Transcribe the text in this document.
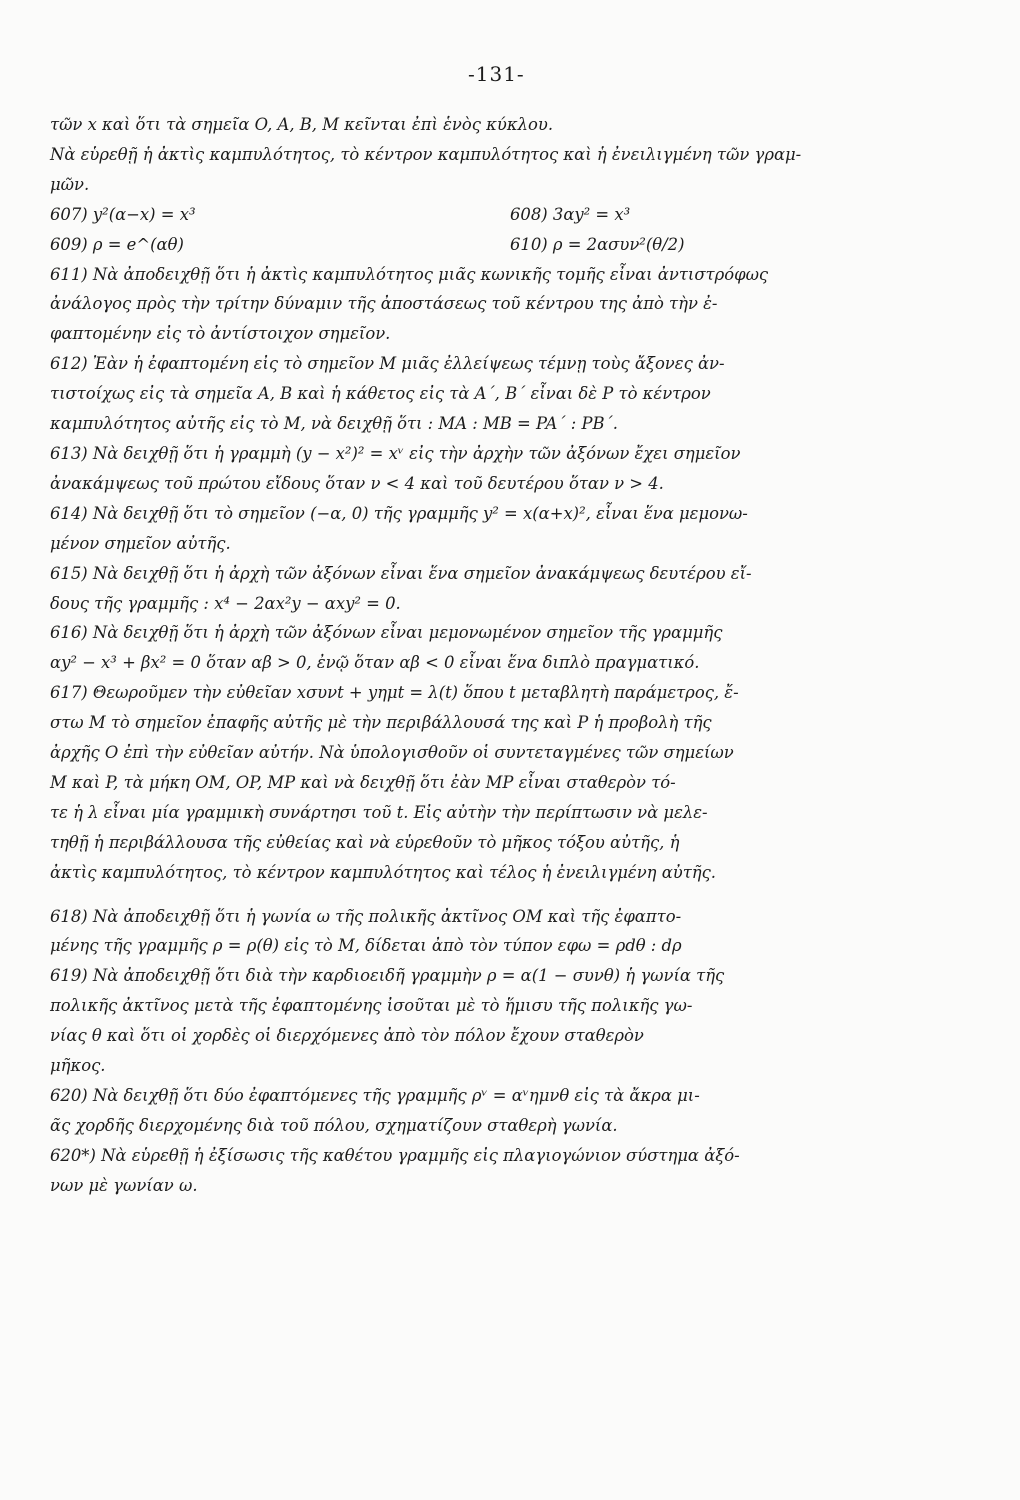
-131-
τῶν x καὶ ὅτι τὰ σημεῖα O, A, B, M κεῖνται ἐπὶ ἑνὸς κύκλου.
Νὰ εὑρεθῇ ἡ ἀκτὶς καμπυλότητος, τὸ κέντρον καμπυλότητος καὶ ἡ ἐνειλιγμένη τῶν γραμ-
μῶν.
607) y²(α−x) = x³	608) 3αy² = x³
609) ρ = e^(αθ)	610) ρ = 2ασυν²(θ/2)
611) Νὰ ἀποδειχθῇ ὅτι ἡ ἀκτὶς καμπυλότητος μιᾶς κωνικῆς τομῆς εἶναι ἀντιστρόφως
ἀνάλογος πρὸς τὴν τρίτην δύναμιν τῆς ἀποστάσεως τοῦ κέντρου της ἀπὸ τὴν ἐ-
φαπτομένην εἰς τὸ ἀντίστοιχον σημεῖον.
612) Ἐὰν ἡ ἐφαπτομένη εἰς τὸ σημεῖον M μιᾶς ἐλλείψεως τέμνῃ τοὺς ἄξονες ἀν-
τιστοίχως εἰς τὰ σημεῖα A, B καὶ ἡ κάθετος εἰς τὰ A΄, B΄ εἶναι δὲ P τὸ κέντρον
καμπυλότητος αὐτῆς εἰς τὸ M, νὰ δειχθῇ ὅτι : MA : MB = PA΄ : PB΄.
613) Νὰ δειχθῇ ὅτι ἡ γραμμὴ (y − x²)² = xᵛ εἰς τὴν ἀρχὴν τῶν ἀξόνων ἔχει σημεῖον
ἀνακάμψεως τοῦ πρώτου εἴδους ὅταν ν < 4 καὶ τοῦ δευτέρου ὅταν ν > 4.
614) Νὰ δειχθῇ ὅτι τὸ σημεῖον (−α, 0) τῆς γραμμῆς y² = x(α+x)², εἶναι ἕνα μεμονω-
μένον σημεῖον αὐτῆς.
615) Νὰ δειχθῇ ὅτι ἡ ἀρχὴ τῶν ἀξόνων εἶναι ἕνα σημεῖον ἀνακάμψεως δευτέρου εἴ-
δους τῆς γραμμῆς : x⁴ − 2αx²y − αxy² = 0.
616) Νὰ δειχθῇ ὅτι ἡ ἀρχὴ τῶν ἀξόνων εἶναι μεμονωμένον σημεῖον τῆς γραμμῆς
αy² − x³ + βx² = 0 ὅταν αβ > 0, ἐνῷ ὅταν αβ < 0 εἶναι ἕνα διπλὸ πραγματικό.
617) Θεωροῦμεν τὴν εὐθεῖαν xσυνt + yημt = λ(t) ὅπου t μεταβλητὴ παράμετρος, ἔ-
στω M τὸ σημεῖον ἐπαφῆς αὐτῆς μὲ τὴν περιβάλλουσά της καὶ P ἡ προβολὴ τῆς
ἀρχῆς O ἐπὶ τὴν εὐθεῖαν αὐτήν. Νὰ ὑπολογισθοῦν οἱ συντεταγμένες τῶν σημείων
M καὶ P, τὰ μήκη OM, OP, MP καὶ νὰ δειχθῇ ὅτι ἐὰν MP εἶναι σταθερὸν τό-
τε ἡ λ εἶναι μία γραμμικὴ συνάρτησι τοῦ t. Εἰς αὐτὴν τὴν περίπτωσιν νὰ μελε-
τηθῇ ἡ περιβάλλουσα τῆς εὐθείας καὶ νὰ εὑρεθοῦν τὸ μῆκος τόξου αὐτῆς, ἡ
ἀκτὶς καμπυλότητος, τὸ κέντρον καμπυλότητος καὶ τέλος ἡ ἐνειλιγμένη αὐτῆς.
618) Νὰ ἀποδειχθῇ ὅτι ἡ γωνία ω τῆς πολικῆς ἀκτῖνος OM καὶ τῆς ἐφαπτο-
μένης τῆς γραμμῆς ρ = ρ(θ) εἰς τὸ M, δίδεται ἀπὸ τὸν τύπον εφω = ρdθ : dρ
619) Νὰ ἀποδειχθῇ ὅτι διὰ τὴν καρδιοειδῆ γραμμὴν ρ = α(1 − συνθ) ἡ γωνία τῆς
πολικῆς ἀκτῖνος μετὰ τῆς ἐφαπτομένης ἰσοῦται μὲ τὸ ἥμισυ τῆς πολικῆς γω-
νίας θ καὶ ὅτι οἱ χορδὲς οἱ διερχόμενες ἀπὸ τὸν πόλον ἔχουν σταθερὸν
μῆκος.
620) Νὰ δειχθῇ ὅτι δύο ἐφαπτόμενες τῆς γραμμῆς ρᵛ = αᵛημνθ εἰς τὰ ἄκρα μι-
ᾶς χορδῆς διερχομένης διὰ τοῦ πόλου, σχηματίζουν σταθερὴ γωνία.
620*) Νὰ εὑρεθῇ ἡ ἐξίσωσις τῆς καθέτου γραμμῆς εἰς πλαγιογώνιον σύστημα ἀξό-
νων μὲ γωνίαν ω.
